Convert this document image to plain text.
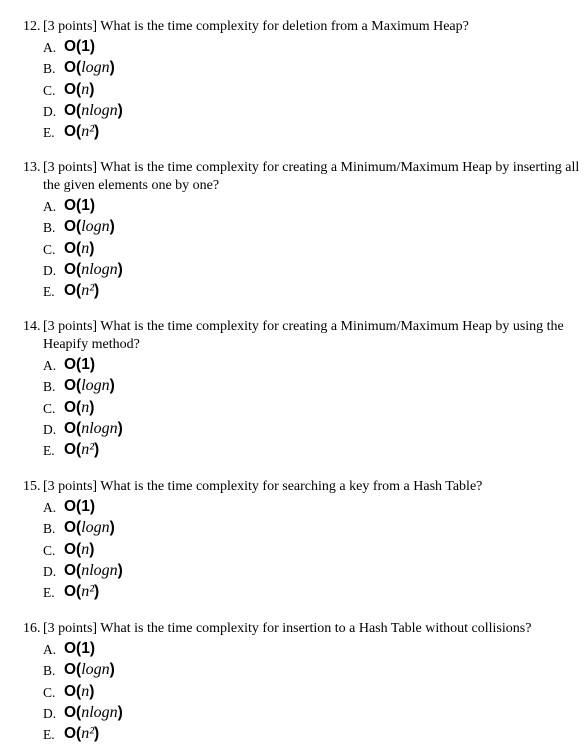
12. [3 points] What is the time complexity for deletion from a Maximum Heap?

A. O(1)
B. O(logn)
C. O(n)
D. O(nlogn)
E. O(n²)

13. [3 points] What is the time complexity for creating a Minimum/Maximum Heap by inserting all the given elements one by one?

A. O(1)
B. O(logn)
C. O(n)
D. O(nlogn)
E. O(n²)

14. [3 points] What is the time complexity for creating a Minimum/Maximum Heap by using the Heapify method?

A. O(1)
B. O(logn)
C. O(n)
D. O(nlogn)
E. O(n²)

15. [3 points] What is the time complexity for searching a key from a Hash Table?

A. O(1)
B. O(logn)
C. O(n)
D. O(nlogn)
E. O(n²)

16. [3 points] What is the time complexity for insertion to a Hash Table without collisions?

A. O(1)
B. O(logn)
C. O(n)
D. O(nlogn)
E. O(n²)
